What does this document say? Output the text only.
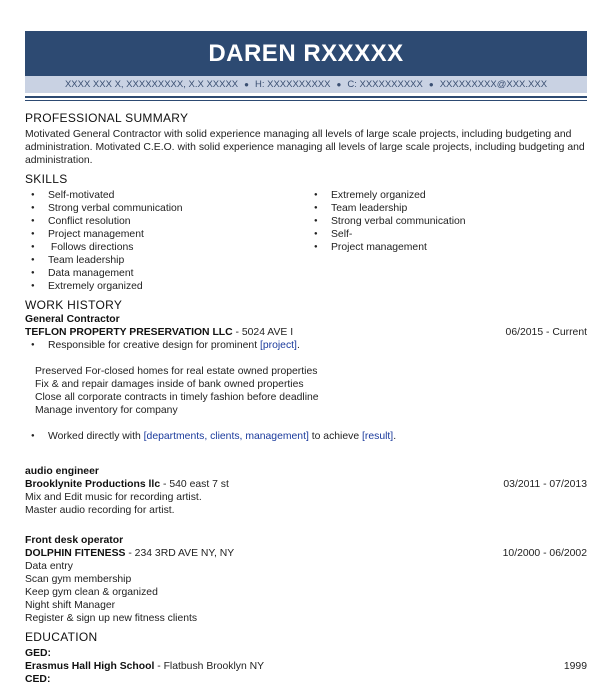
DAREN RXXXXX
XXXX XXX X, XXXXXXXXX, X.X XXXXX ● H: XXXXXXXXXX ● C: XXXXXXXXXX ● XXXXXXXXX@XXX.XXX
PROFESSIONAL SUMMARY
Motivated General Contractor with solid experience managing all levels of large scale projects, including budgeting and administration. Motivated C.E.O. with solid experience managing all levels of large scale projects, including budgeting and administration.
SKILLS
● Self-motivated
● Strong verbal communication
● Conflict resolution
● Project management
●  Follows directions
● Team leadership
● Data management
● Extremely organized
● Extremely organized
● Team leadership
● Strong verbal communication
● Self-
● Project management
WORK HISTORY
General Contractor
TEFLON PROPERTY PRESERVATION LLC - 5024 AVE I	06/2015 - Current
● Responsible for creative design for prominent [project].
Preserved For-closed homes for real estate owned properties
Fix & and repair damages inside of bank owned properties
Close all corporate contracts in timely fashion before deadline
Manage inventory for company
● Worked directly with [departments, clients, management] to achieve [result].
audio engineer
Brooklynite Productions llc - 540 east 7 st	03/2011 - 07/2013
Mix and Edit music for recording artist.
Master audio recording for artist.
Front desk operator
DOLPHIN FITENESS - 234 3RD AVE NY, NY	10/2000 - 06/2002
Data entry
Scan gym membership
Keep gym clean & organized
Night shift Manager
Register & sign up new fitness clients
EDUCATION
GED:
Erasmus Hall High School - Flatbush Brooklyn NY	1999
CED:
